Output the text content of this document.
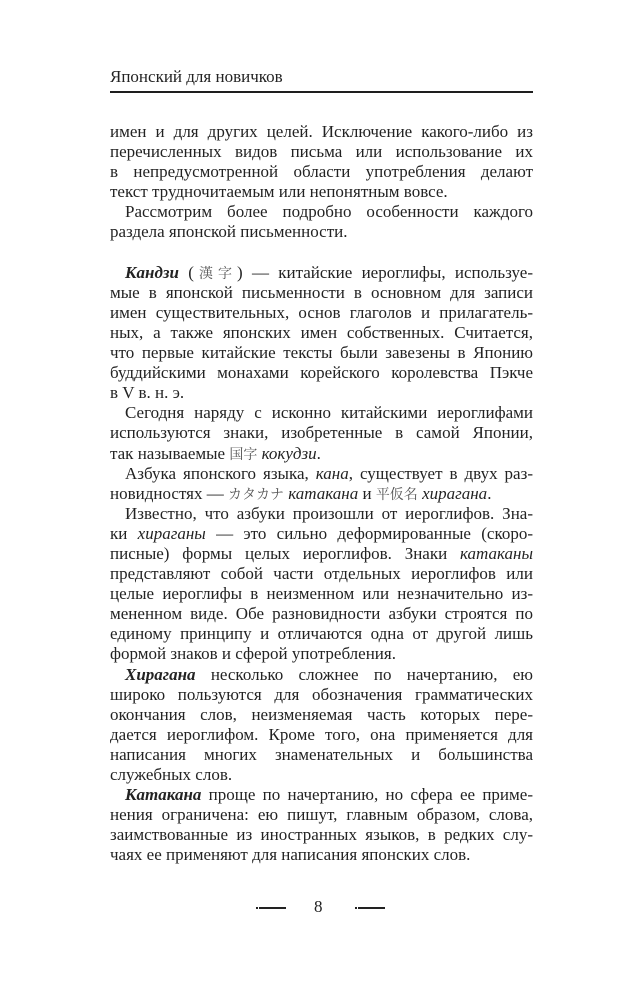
Японский для новичков
имен и для других целей. Исключение какого-либо из
перечисленных видов письма или использование их
в непредусмотренной области употребления делают
текст трудночитаемым или непонятным вовсе.
Рассмотрим более подробно особенности каждого
раздела японской письменности.
Кандзи (漢字) — китайские иероглифы, используе-
мые в японской письменности в основном для записи
имен существительных, основ глаголов и прилагатель-
ных, а также японских имен собственных. Считается,
что первые китайские тексты были завезены в Японию
буддийскими монахами корейского королевства Пэкче
в V в. н. э.
Сегодня наряду с исконно китайскими иероглифами
используются знаки, изобретенные в самой Японии,
так называемые 国字 кокудзи.
Азбука японского языка, кана, существует в двух раз-
новидностях — カタカナ катакана и 平仮名 хирагана.
Известно, что азбуки произошли от иероглифов. Зна-
ки хираганы — это сильно деформированные (скоро-
писные) формы целых иероглифов. Знаки катаканы
представляют собой части отдельных иероглифов или
целые иероглифы в неизменном или незначительно из-
мененном виде. Обе разновидности азбуки строятся по
единому принципу и отличаются одна от другой лишь
формой знаков и сферой употребления.
Хирагана несколько сложнее по начертанию, ею
широко пользуются для обозначения грамматических
окончания слов, неизменяемая часть которых пере-
дается иероглифом. Кроме того, она применяется для
написания многих знаменательных и большинства
служебных слов.
Катакана проще по начертанию, но сфера ее приме-
нения ограничена: ею пишут, главным образом, слова,
заимствованные из иностранных языков, в редких слу-
чаях ее применяют для написания японских слов.
8
